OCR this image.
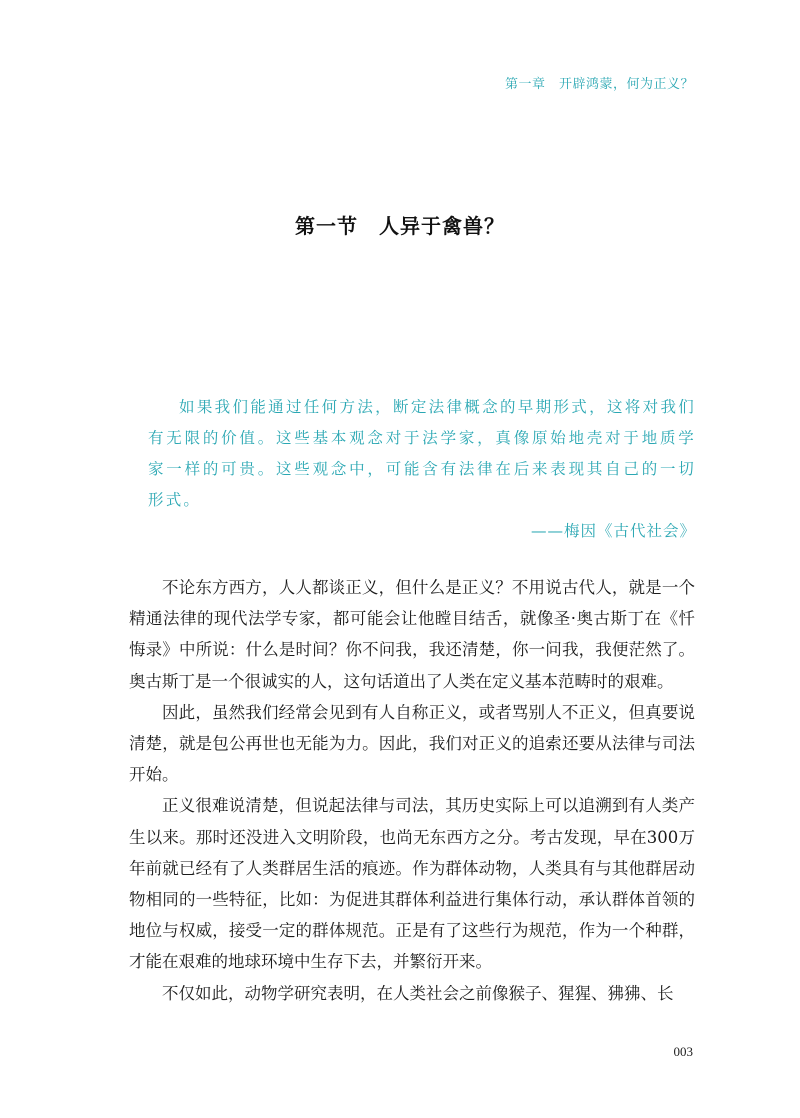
第一章　开辟鸿蒙，何为正义？
第一节　人异于禽兽？

如果我们能通过任何方法，断定法律概念的早期形式，这将对我们有无限的价值。这些基本观念对于法学家，真像原始地壳对于地质学家一样的可贵。这些观念中，可能含有法律在后来表现其自己的一切形式。

——梅因《古代社会》

不论东方西方，人人都谈正义，但什么是正义？不用说古代人，就是一个精通法律的现代法学专家，都可能会让他瞠目结舌，就像圣·奥古斯丁在《忏悔录》中所说：什么是时间？你不问我，我还清楚，你一问我，我便茫然了。奥古斯丁是一个很诚实的人，这句话道出了人类在定义基本范畴时的艰难。

因此，虽然我们经常会见到有人自称正义，或者骂别人不正义，但真要说清楚，就是包公再世也无能为力。因此，我们对正义的追索还要从法律与司法开始。

正义很难说清楚，但说起法律与司法，其历史实际上可以追溯到有人类产生以来。那时还没进入文明阶段，也尚无东西方之分。考古发现，早在300万年前就已经有了人类群居生活的痕迹。作为群体动物，人类具有与其他群居动物相同的一些特征，比如：为促进其群体利益进行集体行动，承认群体首领的地位与权威，接受一定的群体规范。正是有了这些行为规范，作为一个种群，才能在艰难的地球环境中生存下去，并繁衍开来。

不仅如此，动物学研究表明，在人类社会之前像猴子、猩猩、狒狒、长

003
